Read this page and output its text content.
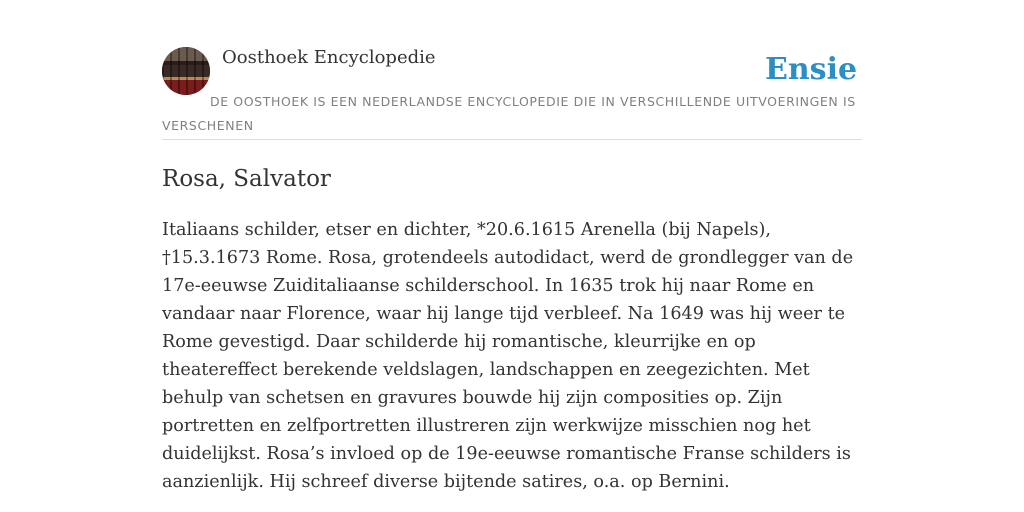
Oosthoek Encyclopedie	Ensie
DE OOSTHOEK IS EEN NEDERLANDSE ENCYCLOPEDIE DIE IN VERSCHILLENDE UITVOERINGEN IS VERSCHENEN
Rosa, Salvator

Italiaans schilder, etser en dichter, *20.6.1615 Arenella (bij Napels), †15.3.1673 Rome. Rosa, grotendeels autodidact, werd de grondlegger van de 17e-eeuwse Zuiditaliaanse schilderschool. In 1635 trok hij naar Rome en vandaar naar Florence, waar hij lange tijd verbleef. Na 1649 was hij weer te Rome gevestigd. Daar schilderde hij romantische, kleurrijke en op theatereffect berekende veldslagen, landschappen en zeegezichten. Met behulp van schetsen en gravures bouwde hij zijn composities op. Zijn portretten en zelfportretten illustreren zijn werkwijze misschien nog het duidelijkst. Rosa’s invloed op de 19e-eeuwse romantische Franse schilders is aanzienlijk. Hij schreef diverse bijtende satires, o.a. op Bernini.
